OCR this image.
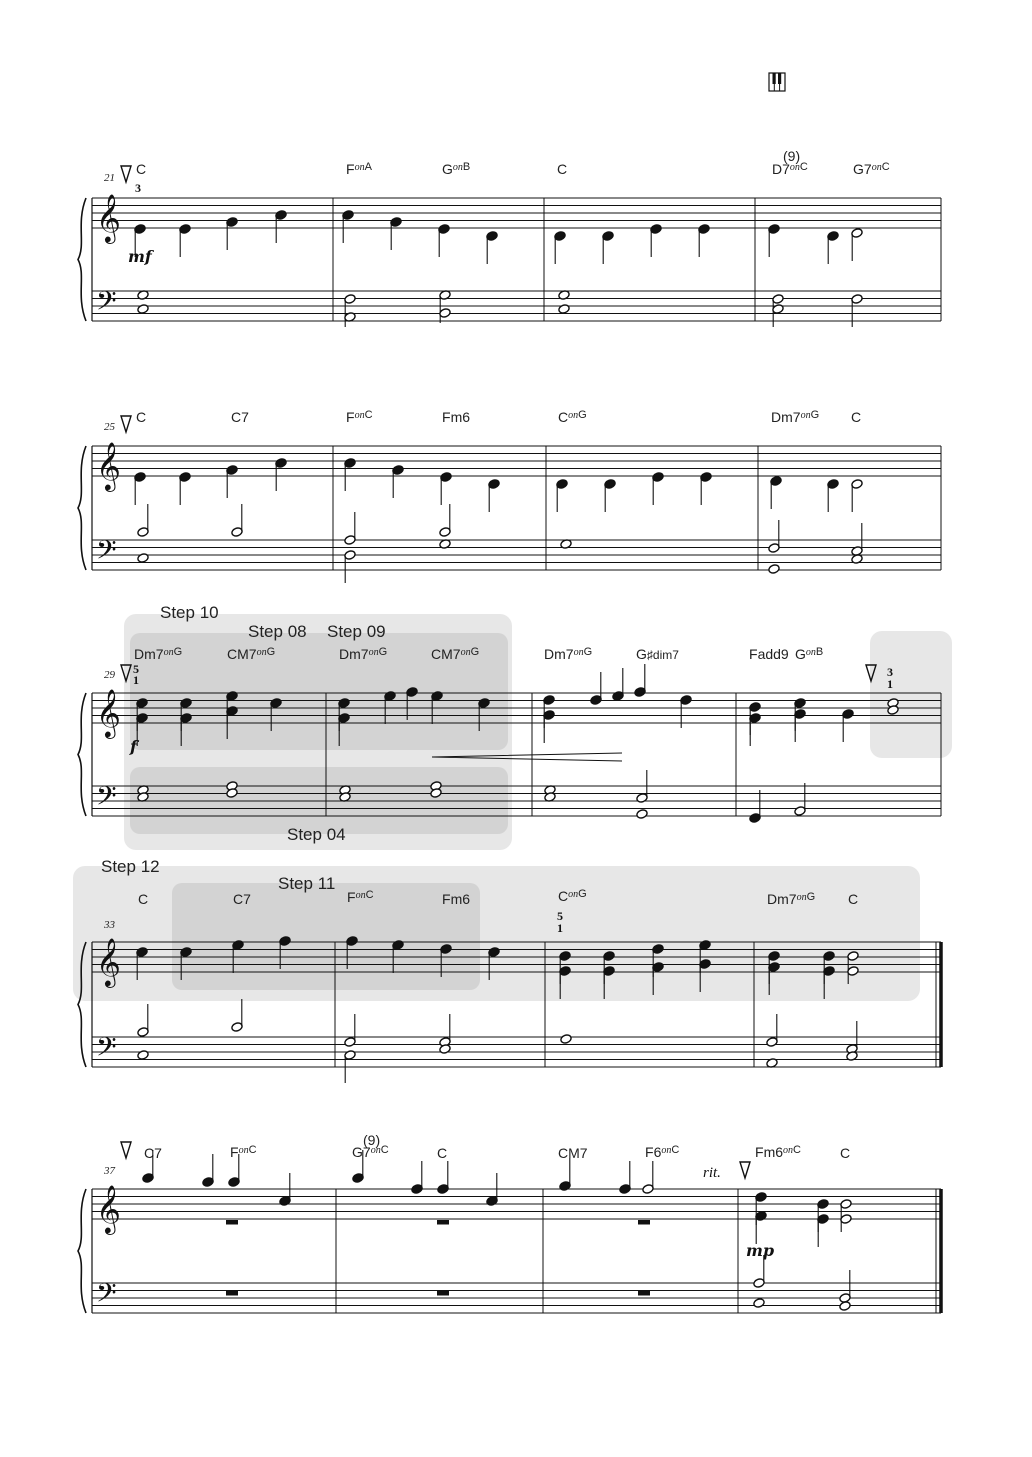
Step 10
Step 08 Step 09
Step 04
Step 12
Step 11
𝄞
𝄢
𝄞
𝄢
𝄞
𝄢
𝄞
𝄢
𝄞
𝄢
21
25
29
33
37
mf
f
mp
rit.
3
5
1
3
1
5
1
C	$F^{on}A$	$G^{on}B$	C	$D7^{on}C$
(9)
$G7^{on}C$
C	C7	$F^{on}C$	Fm6	$C^{on}G$	$Dm7^{on}G$ C
$Dm7^{on}G$	$CM7^{on}G$	$Dm7^{on}G$	$CM7^{on}G$	$Dm7^{on}G$	G♯dim7	Fadd9 $G^{on}B$
C	C7	$F^{on}C$	Fm6	$C^{on}G$	$Dm7^{on}G$ C
C7	$F^{on}C$	$G7^{on}C$
(9)
C	CM7	$F6^{on}C$	$Fm6^{on}C$	C
